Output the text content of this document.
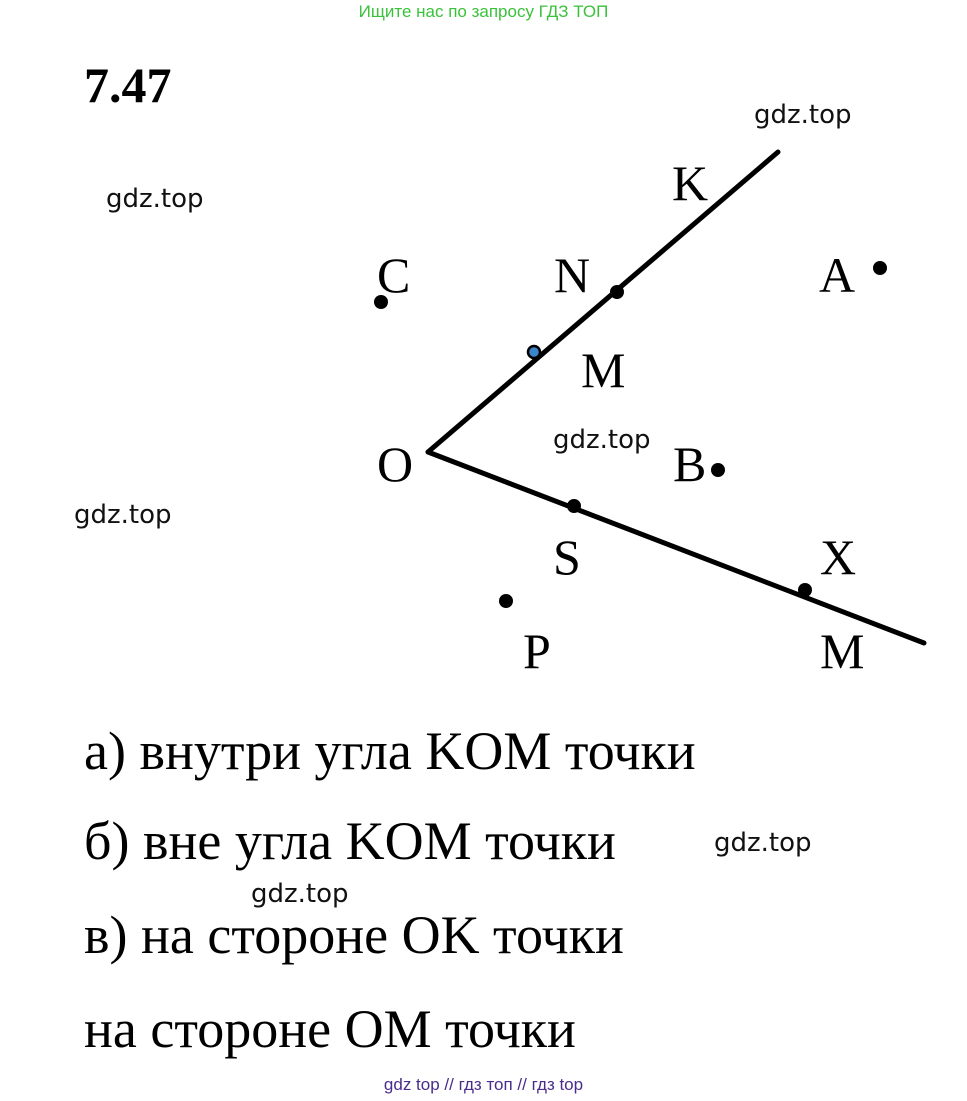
Ищите нас по запросу ГДЗ ТОП
7.47
gdz.top
gdz.top
gdz.top
K
N
C	A
M
O	B
S	X
P	M
gdz.top
а) внутри угла KOM точки
б) вне угла KOM точки	gdz.top
gdz.top
в) на стороне OK точки
на стороне OM точки
gdz top // гдз топ // гдз top
